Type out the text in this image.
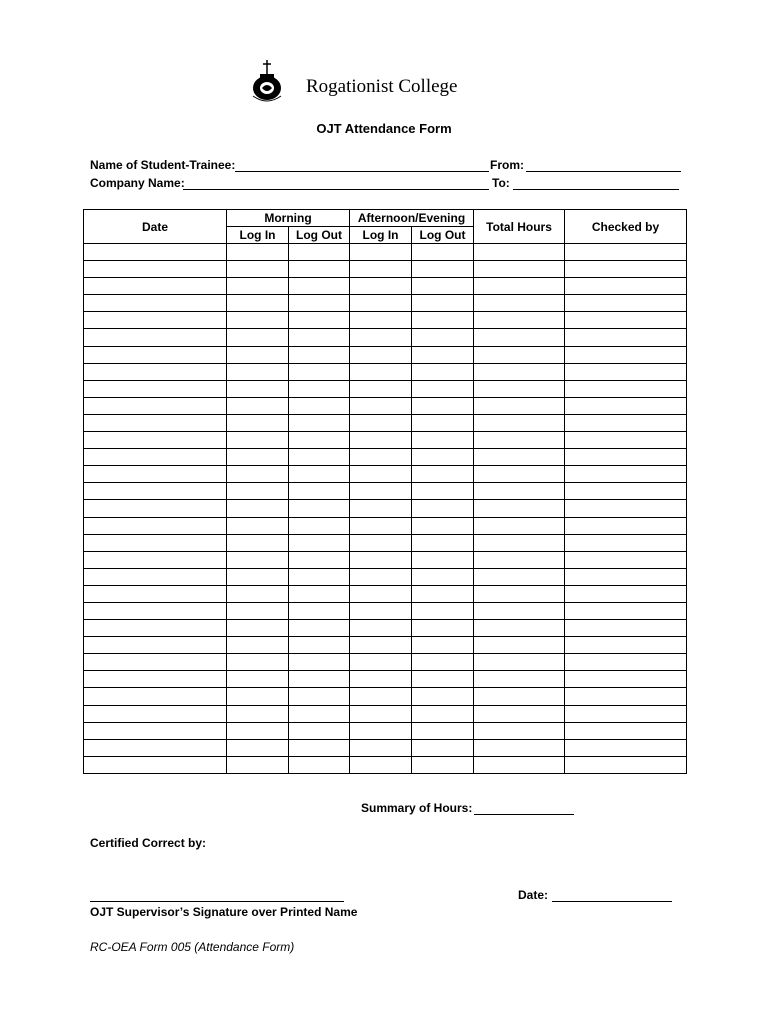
Rogationist College
OJT Attendance Form
Name of Student-Trainee:	From:
Company Name:	To:
Date	Morning		Afternoon/Evening		Total Hours	Checked by
	Log In	Log Out	Log In	Log Out		

Summary of Hours:
Certified Correct by:
OJT Supervisor’s Signature over Printed Name
Date:
RC-OEA Form 005 (Attendance Form)
